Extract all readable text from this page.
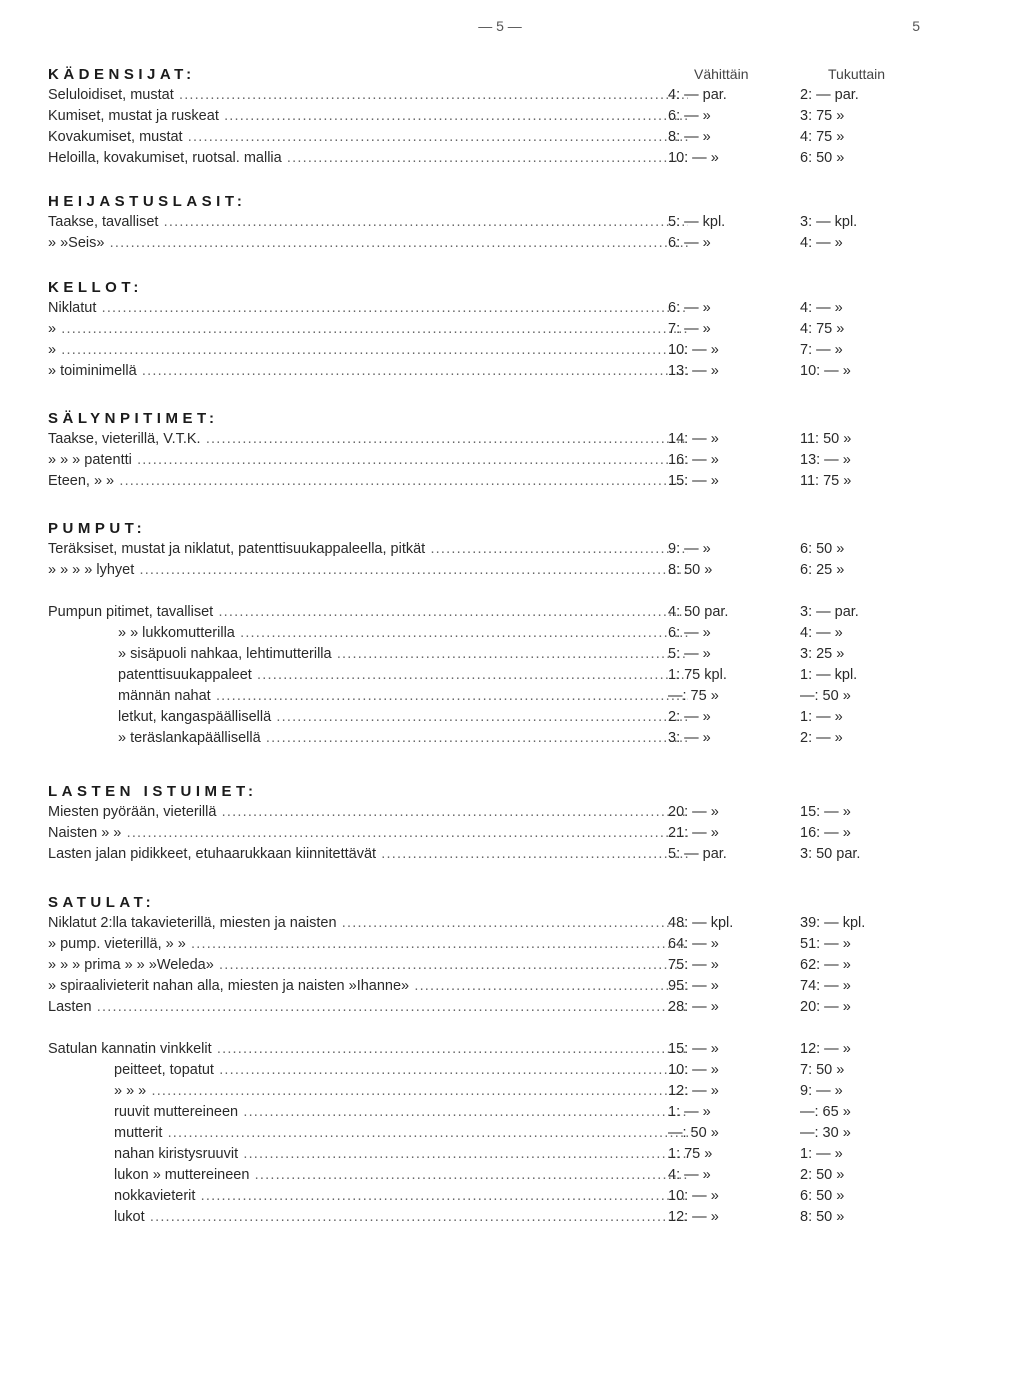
— 5 —	5
KÄDENSIJAT:	Vähittäin	Tukuttain
Seluloidiset, mustat .....	4: — par.	2: — par.
Kumiset, mustat ja ruskeat .....	6: — »	3: 75 »
Kovakumiset, mustat .....	8: — »	4: 75 »
Heloilla, kovakumiset, ruotsal. mallia .....	10: — »	6: 50 »
HEIJASTUSLASIT:
Taakse, tavalliset .....	5: — kpl.	3: — kpl.
» »Seis» .....	6: — »	4: — »
KELLOT:
Niklatut .....	6: — »	4: — »
» .....	7: — »	4: 75 »
» .....	10: — »	7: — »
» toiminimellä .....	13: — »	10: — »
SÄLYNPITIMET:
Taakse, vieterillä, V.T.K. .....	14: — »	11: 50 »
» » » patentti .....	16: — »	13: — »
Eteen, » » .....	15: — »	11: 75 »
PUMPUT:
Teräksiset, mustat ja niklatut, patenttisuukappaleella, pitkät .....	9: — »	6: 50 »
» » » » lyhyet .....	8: 50 »	6: 25 »
Pumpun pitimet, tavalliset .....	4: 50 par.	3: — par.
» » lukkomutterilla .....	6: — »	4: — »
» sisäpuoli nahkaa, lehtimutterilla .....	5: — »	3: 25 »
patenttisuukappaleet .....	1: 75 kpl.	1: — kpl.
männän nahat .....	—: 75 »	—: 50 »
letkut, kangaspäällisellä .....	2: — »	1: — »
» teräslankapäällisellä .....	3: — »	2: — »
LASTEN ISTUIMET:
Miesten pyörään, vieterillä .....	20: — »	15: — »
Naisten » » .....	21: — »	16: — »
Lasten jalan pidikkeet, etuhaarukkaan kiinnitettävät .....	5: — par.	3: 50 par.
SATULAT:
Niklatut 2:lla takavieterillä, miesten ja naisten .....	48: — kpl.	39: — kpl.
» pump. vieterillä, » » .....	64: — »	51: — »
» » » prima » » »Weleda» .....	75: — »	62: — »
» spiraalivieterit nahan alla, miesten ja naisten »Ihanne» .....	95: — »	74: — »
Lasten .....	28: — »	20: — »
Satulan kannatin vinkkelit .....	15: — »	12: — »
peitteet, topatut .....	10: — »	7: 50 »
» » » .....	12: — »	9: — »
ruuvit muttereineen .....	1: — »	—: 65 »
mutterit .....	—: 50 »	—: 30 »
nahan kiristysruuvit .....	1: 75 »	1: — »
lukon » muttereineen .....	4: — »	2: 50 »
nokkavieterit .....	10: — »	6: 50 »
lukot .....	12: — »	8: 50 »
